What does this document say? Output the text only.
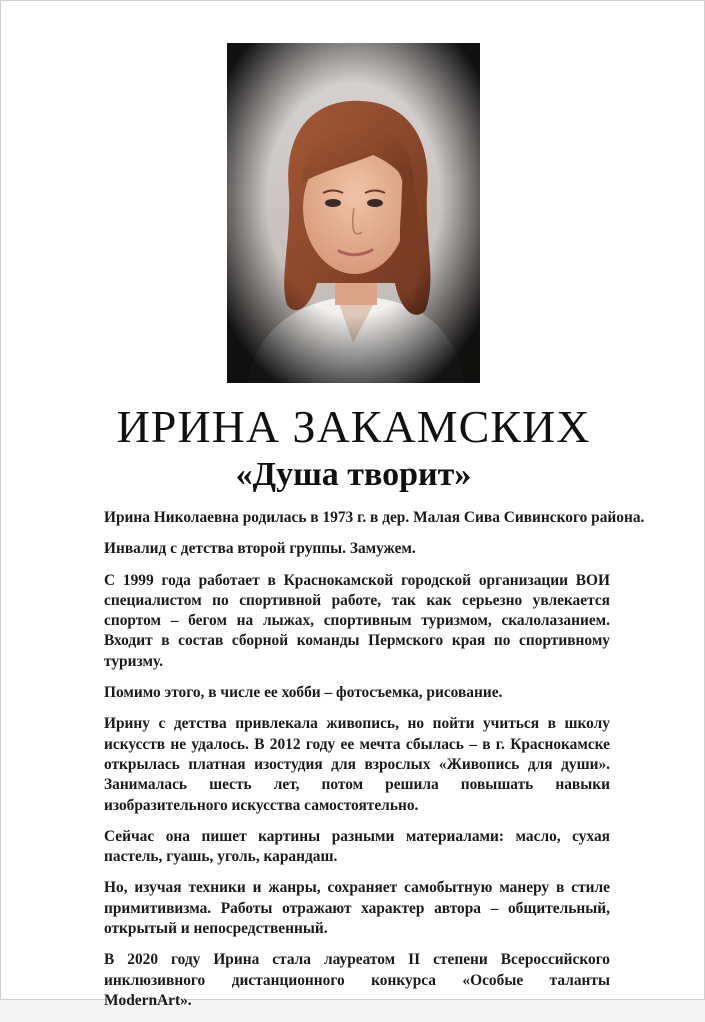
ИРИНА ЗАКАМСКИХ
«Душа творит»

Ирина Николаевна родилась в 1973 г. в дер. Малая Сива Сивинского района.

Инвалид с детства второй группы. Замужем.

С 1999 года работает в Краснокамской городской организации ВОИ специалистом по спортивной работе, так как серьезно увлекается спортом – бегом на лыжах, спортивным туризмом, скалолазанием. Входит в состав сборной команды Пермского края по спортивному туризму.

Помимо этого, в числе ее хобби – фотосъемка, рисование.

Ирину с детства привлекала живопись, но пойти учиться в школу искусств не удалось. В 2012 году ее мечта сбылась – в г. Краснокамске открылась платная изостудия для взрослых «Живопись для души». Занималась шесть лет, потом решила повышать навыки изобразительного искусства самостоятельно.

Сейчас она пишет картины разными материалами: масло, сухая пастель, гуашь, уголь, карандаш.

Но, изучая техники и жанры, сохраняет самобытную манеру в стиле примитивизма. Работы отражают характер автора – общительный, открытый и непосредственный.

В 2020 году Ирина стала лауреатом II степени Всероссийского инклюзивного дистанционного конкурса «Особые таланты ModernArt».
